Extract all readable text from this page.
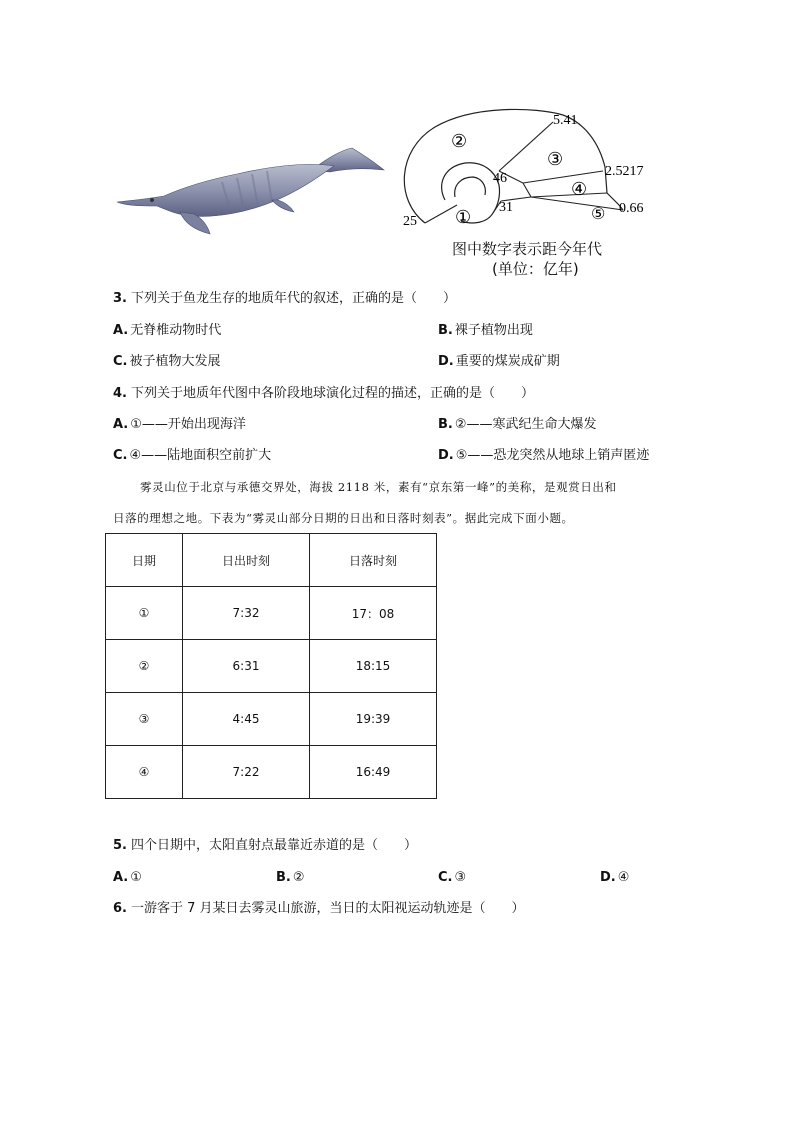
5.41
2.5217
0.66
25
46
31
①
②
③
④
⑤
图中数字表示距今年代
(单位：亿年)
3. 下列关于鱼龙生存的地质年代的叙述，正确的是（　　）
A. 无脊椎动物时代	B. 裸子植物出现
C. 被子植物大发展	D. 重要的煤炭成矿期
4. 下列关于地质年代图中各阶段地球演化过程的描述，正确的是（　　）
A. ①——开始出现海洋	B. ②——寒武纪生命大爆发
C. ④——陆地面积空前扩大	D. ⑤——恐龙突然从地球上销声匿迹
雾灵山位于北京与承德交界处，海拔 2118 米，素有“京东第一峰”的美称，是观赏日出和
日落的理想之地。下表为“雾灵山部分日期的日出和日落时刻表”。据此完成下面小题。
日期	日出时刻	日落时刻
①	7:32	17：08
②	6:31	18:15
③	4:45	19:39
④	7:22	16:49
5. 四个日期中，太阳直射点最靠近赤道的是（　　）
A. ①	B. ②	C. ③	D. ④
6. 一游客于 7 月某日去雾灵山旅游，当日的太阳视运动轨迹是（　　）
